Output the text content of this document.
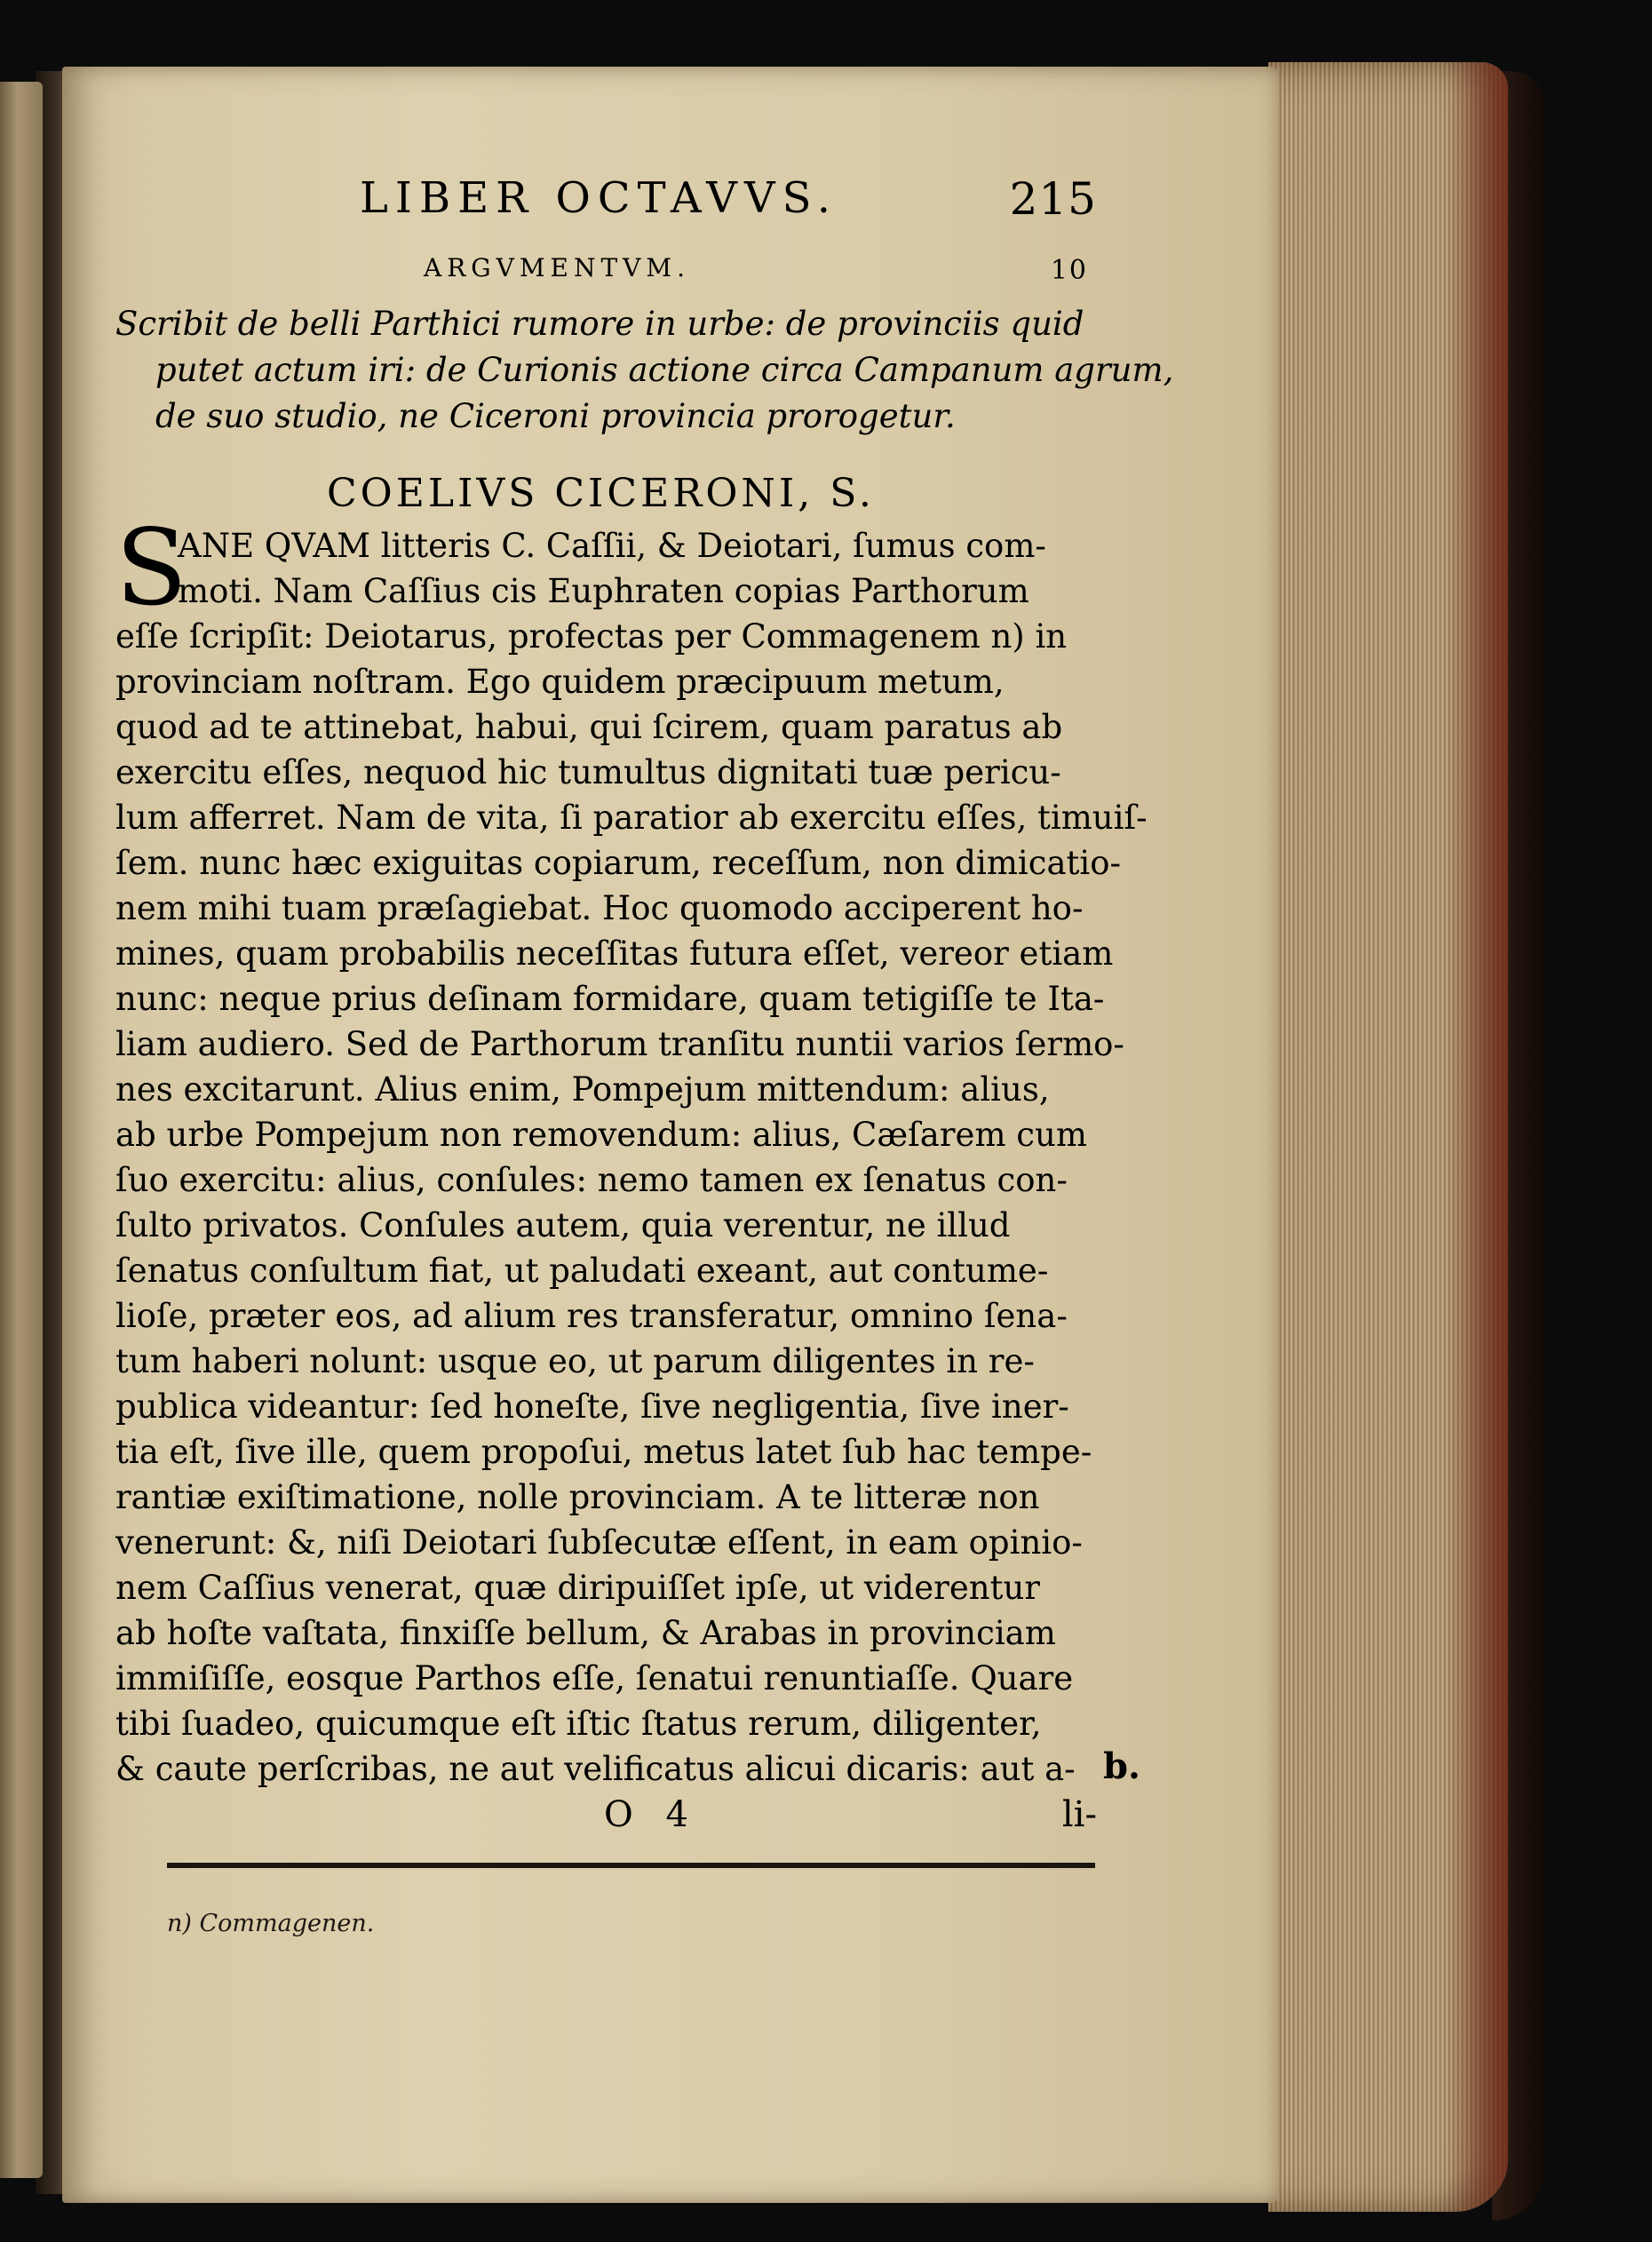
LIBER OCTAVVS.	215
ARGVMENTVM.	10
Scribit de belli Parthici rumore in urbe: de provinciis quid
putet actum iri: de Curionis actione circa Campanum agrum,
de suo studio, ne Ciceroni provincia prorogetur.
COELIVS CICERONI, S.
S
ANE QVAM litteris C. Caſſii, & Deiotari, ſumus com-
moti. Nam Caſſius cis Euphraten copias Parthorum
eſſe ſcripſit: Deiotarus, profectas per Commagenem n) in
provinciam noſtram. Ego quidem præcipuum metum,
quod ad te attinebat, habui, qui ſcirem, quam paratus ab
exercitu eſſes, nequod hic tumultus dignitati tuæ pericu-
lum afferret. Nam de vita, ſi paratior ab exercitu eſſes, timuiſ-
ſem. nunc hæc exiguitas copiarum, receſſum, non dimicatio-
nem mihi tuam præſagiebat. Hoc quomodo acciperent ho-
mines, quam probabilis neceſſitas futura eſſet, vereor etiam
nunc: neque prius deſinam formidare, quam tetigiſſe te Ita-
liam audiero. Sed de Parthorum tranſitu nuntii varios ſermo-
nes excitarunt. Alius enim, Pompejum mittendum: alius,
ab urbe Pompejum non removendum: alius, Cæſarem cum
ſuo exercitu: alius, conſules: nemo tamen ex ſenatus con-
ſulto privatos. Conſules autem, quia verentur, ne illud
ſenatus conſultum fiat, ut paludati exeant, aut contume-
lioſe, præter eos, ad alium res transferatur, omnino ſena-
tum haberi nolunt: usque eo, ut parum diligentes in re-
publica videantur: ſed honeſte, ſive negligentia, ſive iner-
tia eſt, ſive ille, quem propoſui, metus latet ſub hac tempe-
rantiæ exiſtimatione, nolle provinciam. A te litteræ non
venerunt: &, niſi Deiotari ſubſecutæ eſſent, in eam opinio-
nem Caſſius venerat, quæ diripuiſſet ipſe, ut viderentur
ab hoſte vaſtata, finxiſſe bellum, & Arabas in provinciam
immiſiſſe, eosque Parthos eſſe, ſenatui renuntiaſſe. Quare
tibi ſuadeo, quicumque eſt iſtic ſtatus rerum, diligenter,
& caute perſcribas, ne aut velificatus alicui dicaris: aut a- b.
O 4	li-
n) Commagenen.
